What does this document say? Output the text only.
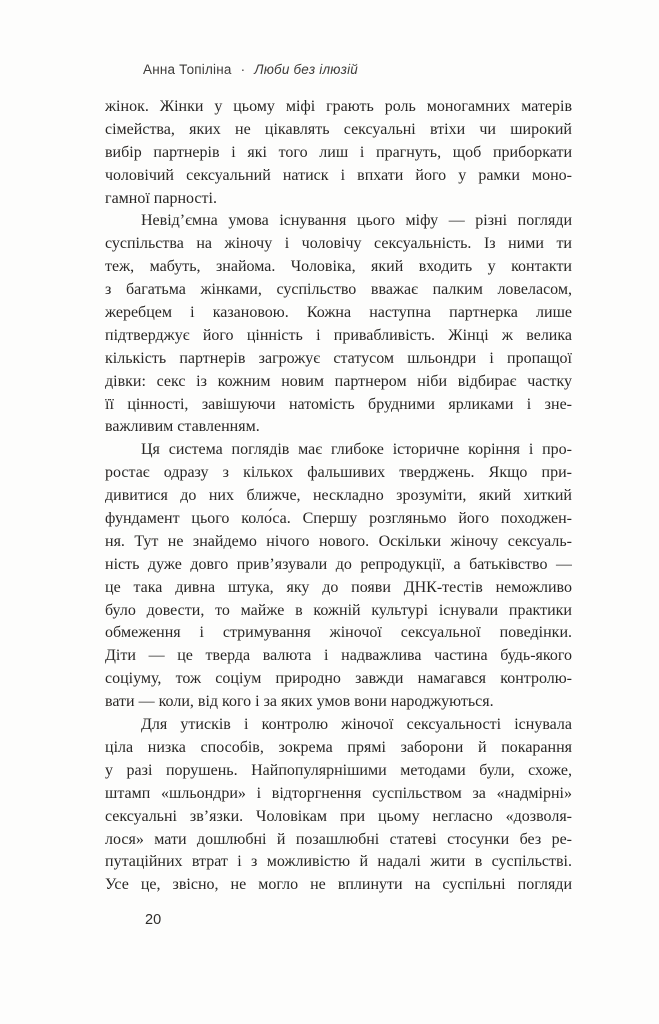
Анна Топіліна · Люби без ілюзій
жінок. Жінки у цьому міфі грають роль моногамних матерів
сімейства, яких не цікавлять сексуальні втіхи чи широкий
вибір партнерів і які того лиш і прагнуть, щоб приборкати
чоловічий сексуальний натиск і впхати його у рамки моно-
гамної парності.
Невід’ємна умова існування цього міфу — різні погляди
суспільства на жіночу і чоловічу сексуальність. Із ними ти
теж, мабуть, знайома. Чоловіка, який входить у контакти
з багатьма жінками, суспільство вважає палким ловеласом,
жеребцем і казановою. Кожна наступна партнерка лише
підтверджує його цінність і привабливість. Жінці ж велика
кількість партнерів загрожує статусом шльондри і пропащої
дівки: секс із кожним новим партнером ніби відбирає частку
її цінності, завішуючи натомість брудними ярликами і зне-
важливим ставленням.
Ця система поглядів має глибоке історичне коріння і про-
ростає одразу з кількох фальшивих тверджень. Якщо при-
дивитися до них ближче, нескладно зрозуміти, який хиткий
фундамент цього коло́са. Спершу розгляньмо його походжен-
ня. Тут не знайдемо нічого нового. Оскільки жіночу сексуаль-
ність дуже довго прив’язували до репродукції, а батьківство —
це така дивна штука, яку до появи ДНК-тестів неможливо
було довести, то майже в кожній культурі існували практики
обмеження і стримування жіночої сексуальної поведінки.
Діти — це тверда валюта і надважлива частина будь-якого
соціуму, тож соціум природно завжди намагався контролю-
вати — коли, від кого і за яких умов вони народжуються.
Для утисків і контролю жіночої сексуальності існувала
ціла низка способів, зокрема прямі заборони й покарання
у разі порушень. Найпопулярнішими методами були, схоже,
штамп «шльондри» і відторгнення суспільством за «надмірні»
сексуальні зв’язки. Чоловікам при цьому негласно «дозволя-
лося» мати дошлюбні й позашлюбні статеві стосунки без ре-
путаційних втрат і з можливістю й надалі жити в суспільстві.
Усе це, звісно, не могло не вплинути на суспільні погляди
20
